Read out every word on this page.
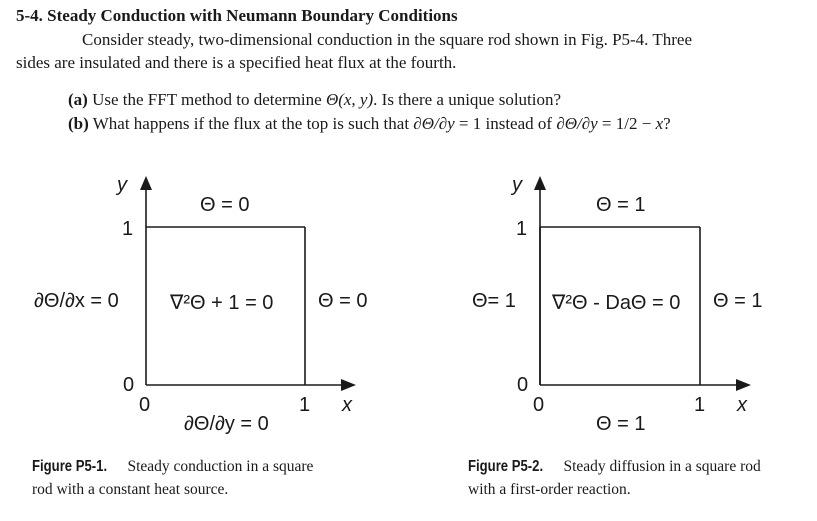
5-4. Steady Conduction with Neumann Boundary Conditions
Consider steady, two-dimensional conduction in the square rod shown in Fig. P5-4. Three
sides are insulated and there is a specified heat flux at the fourth.
(a) Use the FFT method to determine Θ(x, y). Is there a unique solution?
(b) What happens if the flux at the top is such that ∂Θ/∂y = 1 instead of ∂Θ/∂y = 1/2 − x?
y
Θ = 0
1
∂Θ/∂x = 0	∇²Θ + 1 = 0 Θ = 0
0
0	1 x
∂Θ/∂y = 0
Figure P5-1. Steady conduction in a square
rod with a constant heat source.
y
Θ = 1
1
Θ= 1 ∇²Θ - DaΘ = 0 Θ = 1
0
0	1 x
Θ = 1
Figure P5-2. Steady diffusion in a square rod
with a first-order reaction.
